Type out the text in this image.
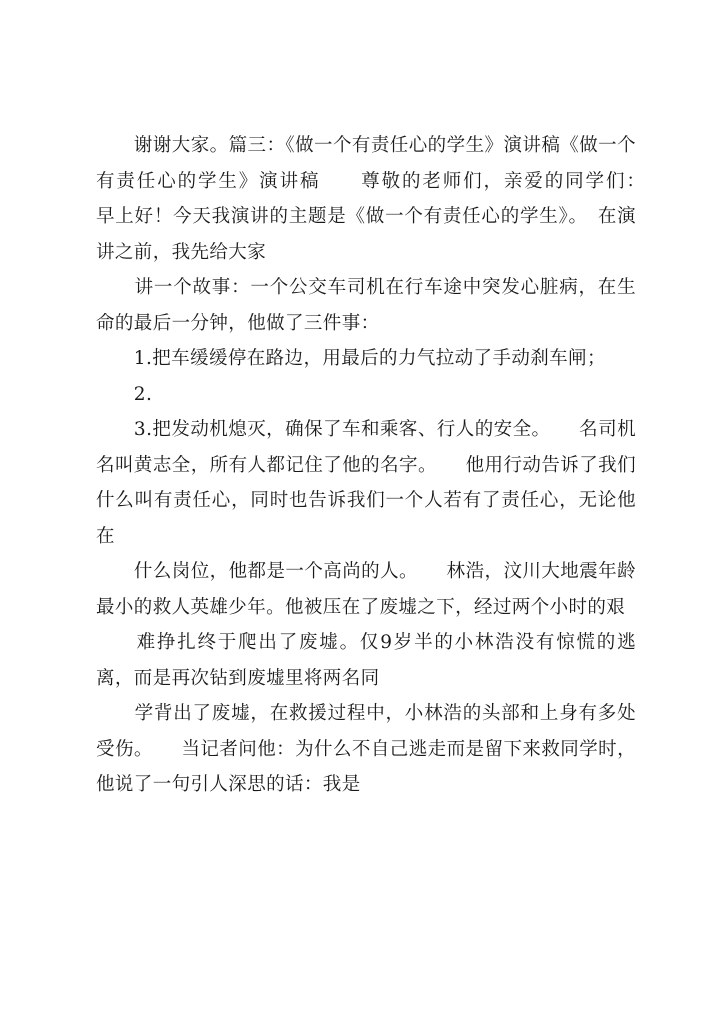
　　谢谢大家。篇三：《做一个有责任心的学生》演讲稿《做一个有责任心的学生》演讲稿　　尊敬的老师们，亲爱的同学们：　　早上好！今天我演讲的主题是《做一个有责任心的学生》。　在演讲之前，我先给大家

　　讲一个故事：一个公交车司机在行车途中突发心脏病，在生命的最后一分钟，他做了三件事：

　　1.把车缓缓停在路边，用最后的力气拉动了手动刹车闸；

　　2.

　　3.把发动机熄灭，确保了车和乘客、行人的安全。　　名司机名叫黄志全，所有人都记住了他的名字。　　他用行动告诉了我们什么叫有责任心，同时也告诉我们一个人若有了责任心，无论他在

　　什么岗位，他都是一个高尚的人。　　林浩，汶川大地震年龄最小的救人英雄少年。他被压在了废墟之下，经过两个小时的艰

　　难挣扎终于爬出了废墟。仅9岁半的小林浩没有惊慌的逃离，而是再次钻到废墟里将两名同

　　学背出了废墟，在救援过程中，小林浩的头部和上身有多处受伤。　　当记者问他：为什么不自己逃走而是留下来救同学时，他说了一句引人深思的话：我是
